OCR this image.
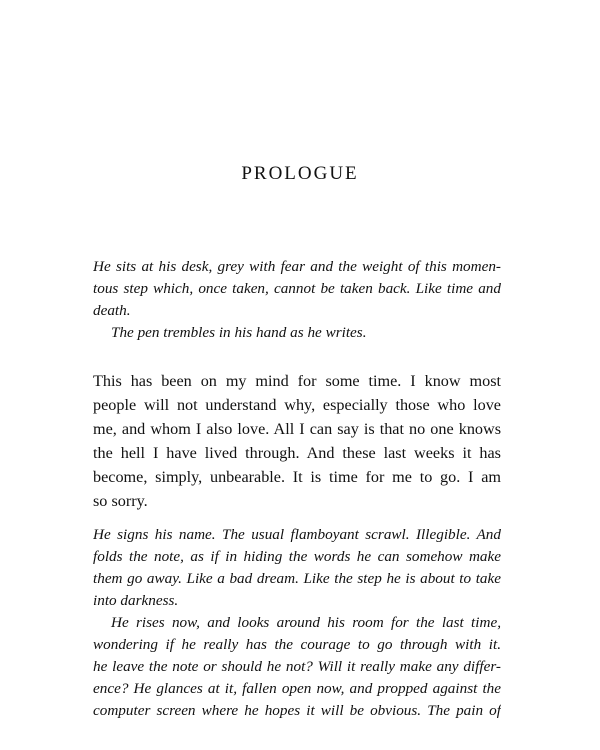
PROLOGUE
He sits at his desk, grey with fear and the weight of this momen-
tous step which, once taken, cannot be taken back. Like time and
death.
The pen trembles in his hand as he writes.
This has been on my mind for some time. I know most
people will not understand why, especially those who love
me, and whom I also love. All I can say is that no one knows
the hell I have lived through. And these last weeks it has
become, simply, unbearable. It is time for me to go. I am
so sorry.
He signs his name. The usual flamboyant scrawl. Illegible. And
folds the note, as if in hiding the words he can somehow make
them go away. Like a bad dream. Like the step he is about to take
into darkness.
He rises now, and looks around his room for the last time,
wondering if he really has the courage to go through with it.
he leave the note or should he not? Will it really make any differ-
ence? He glances at it, fallen open now, and propped against the
computer screen where he hopes it will be obvious. The pain of
